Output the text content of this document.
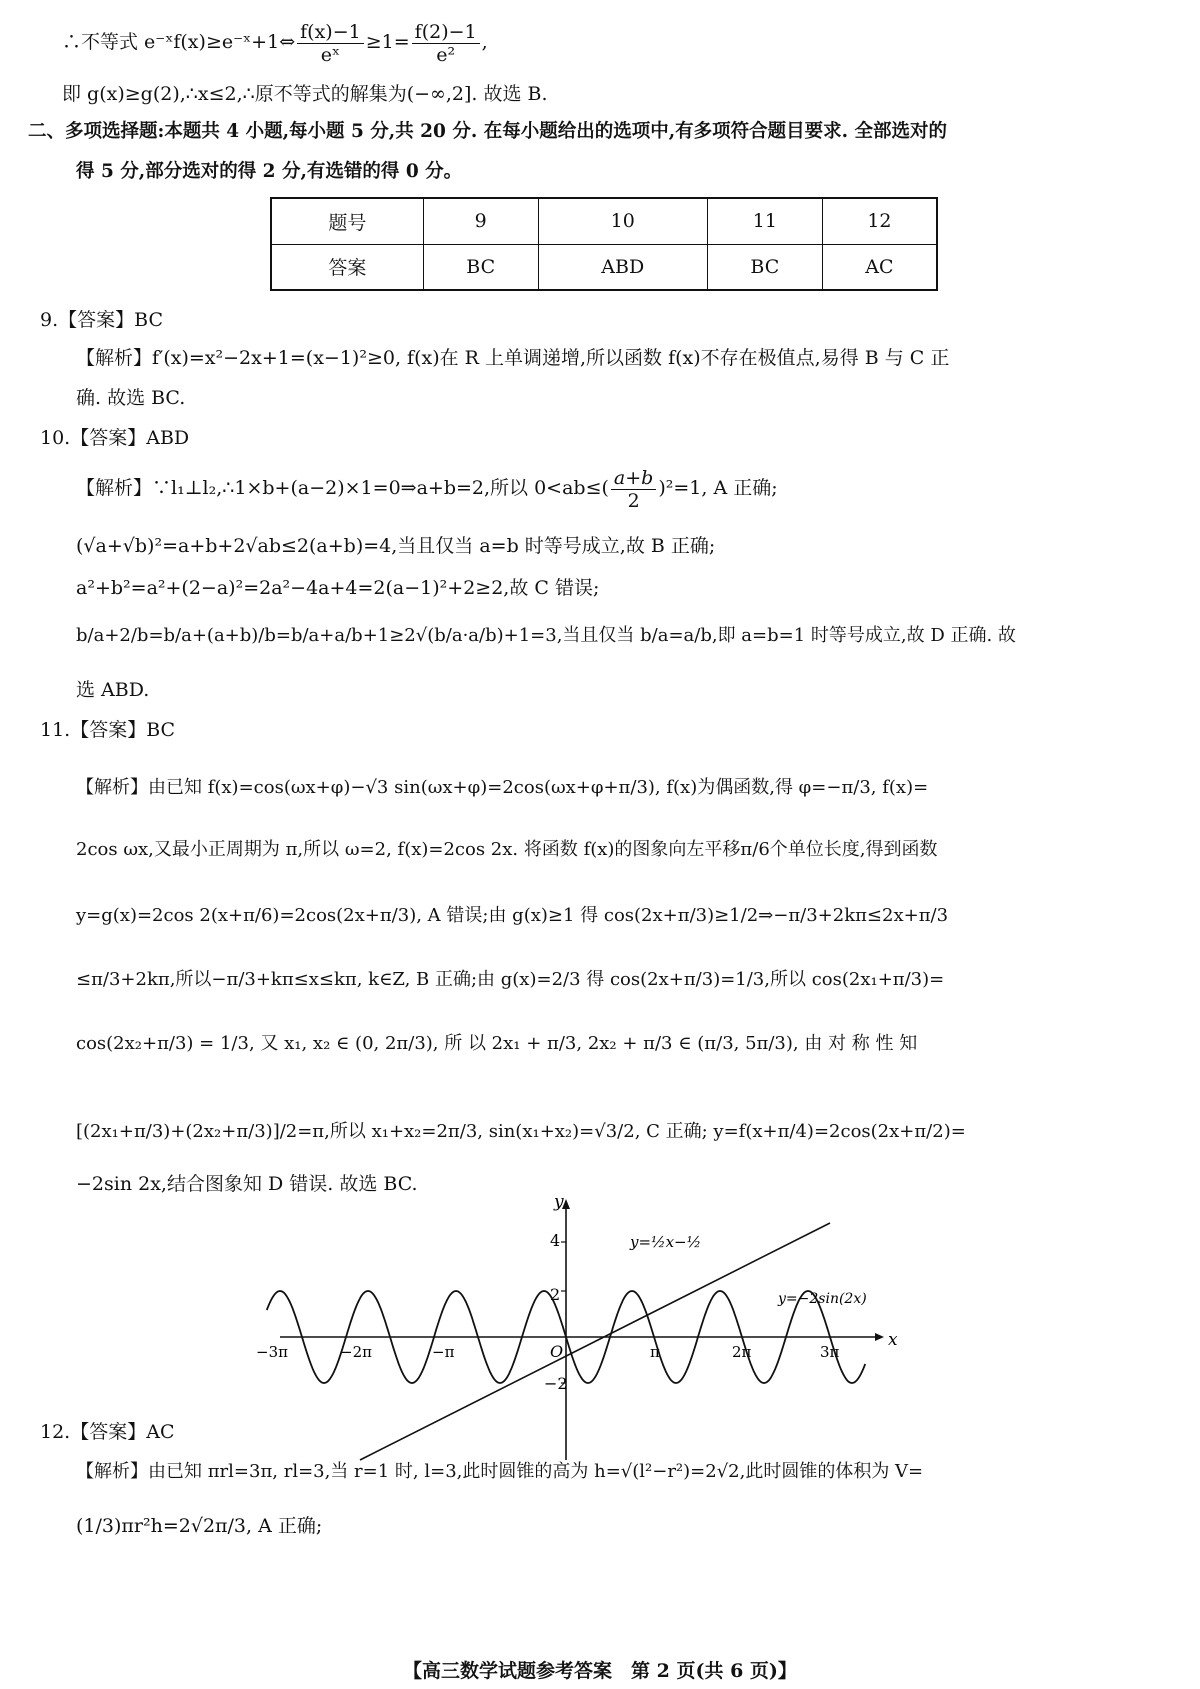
∴不等式 e⁻ˣf(x)≥e⁻ˣ+1⇔ $\frac{f(x)-1}{\text{eˣ}} \ge 1= \frac{f(2)-1}{\text{e²}}$ ,
即 g(x)≥g(2),∴x≤2,∴原不等式的解集为(−∞,2]. 故选 B.
二、多项选择题:本题共 4 小题,每小题 5 分,共 20 分. 在每小题给出的选项中,有多项符合题目要求. 全部选对的
得 5 分,部分选对的得 2 分,有选错的得 0 分。
题号	9	10	11	12
答案	BC	ABD	BC	AC
9.【答案】BC
【解析】f′(x)=x²−2x+1=(x−1)²≥0, f(x)在 R 上单调递增,所以函数 f(x)不存在极值点,易得 B 与 C 正
确. 故选 BC.
10.【答案】ABD
【解析】∵l₁⊥l₂,∴1×b+(a−2)×1=0⇒a+b=2,所以 $0<ab\le( \frac{a+b}{2} )^2=1$, A 正确;
(√a+√b)²=a+b+2√ab≤2(a+b)=4,当且仅当 a=b 时等号成立,故 B 正确;
a²+b²=a²+(2−a)²=2a²−4a+4=2(a−1)²+2≥2,故 C 错误;
b/a+2/b=b/a+(a+b)/b=b/a+a/b+1≥2√(b/a·a/b)+1=3,当且仅当 b/a=a/b,即 a=b=1 时等号成立,故 D 正确. 故
选 ABD.
11.【答案】BC
【解析】由已知 f(x)=cos(ωx+φ)−√3 sin(ωx+φ)=2cos(ωx+φ+π/3), f(x)为偶函数,得 φ=−π/3, f(x)=
2cos ωx,又最小正周期为 π,所以 ω=2, f(x)=2cos 2x. 将函数 f(x)的图象向左平移π/6个单位长度,得到函数
y=g(x)=2cos 2(x+π/6)=2cos(2x+π/3), A 错误;由 g(x)≥1 得 cos(2x+π/3)≥1/2⇒−π/3+2kπ≤2x+π/3
≤π/3+2kπ,所以−π/3+kπ≤x≤kπ, k∈Z, B 正确;由 g(x)=2/3 得 cos(2x+π/3)=1/3,所以 cos(2x₁+π/3)=
cos(2x₂+π/3) = 1/3, 又 x₁, x₂ ∈ (0, 2π/3), 所 以 2x₁ + π/3, 2x₂ + π/3 ∈ (π/3, 5π/3), 由 对 称 性 知
[(2x₁+π/3)+(2x₂+π/3)]/2=π,所以 x₁+x₂=2π/3, sin(x₁+x₂)=√3/2, C 正确; y=f(x+π/4)=2cos(2x+π/2)=
−2sin 2x,结合图象知 D 错误. 故选 BC.
y
x
O
4
2
−2
−3π	−2π	−π	π	2π	3π
y=½x−½
y=−2sin(2x)
12.【答案】AC
【解析】由已知 πrl=3π, rl=3,当 r=1 时, l=3,此时圆锥的高为 h=√(l²−r²)=2√2,此时圆锥的体积为 V=
(1/3)πr²h=2√2π/3, A 正确;
【高三数学试题参考答案　第 2 页(共 6 页)】
